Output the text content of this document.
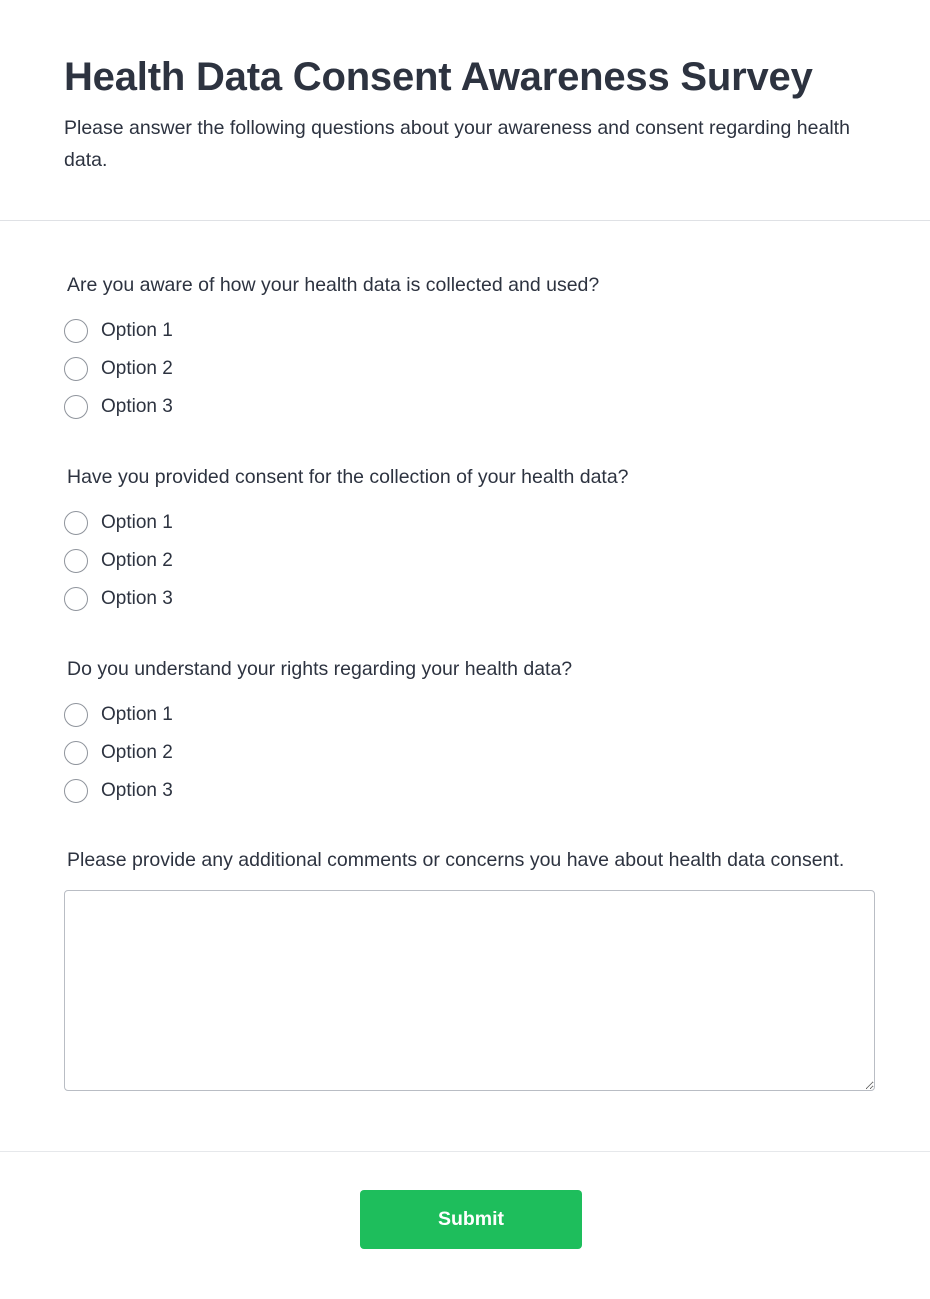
Health Data Consent Awareness Survey

Please answer the following questions about your awareness and consent regarding health data.

Are you aware of how your health data is collected and used?
Option 1
Option 2
Option 3
Have you provided consent for the collection of your health data?
Option 1
Option 2
Option 3
Do you understand your rights regarding your health data?
Option 1
Option 2
Option 3
Please provide any additional comments or concerns you have about health data consent.
Submit
